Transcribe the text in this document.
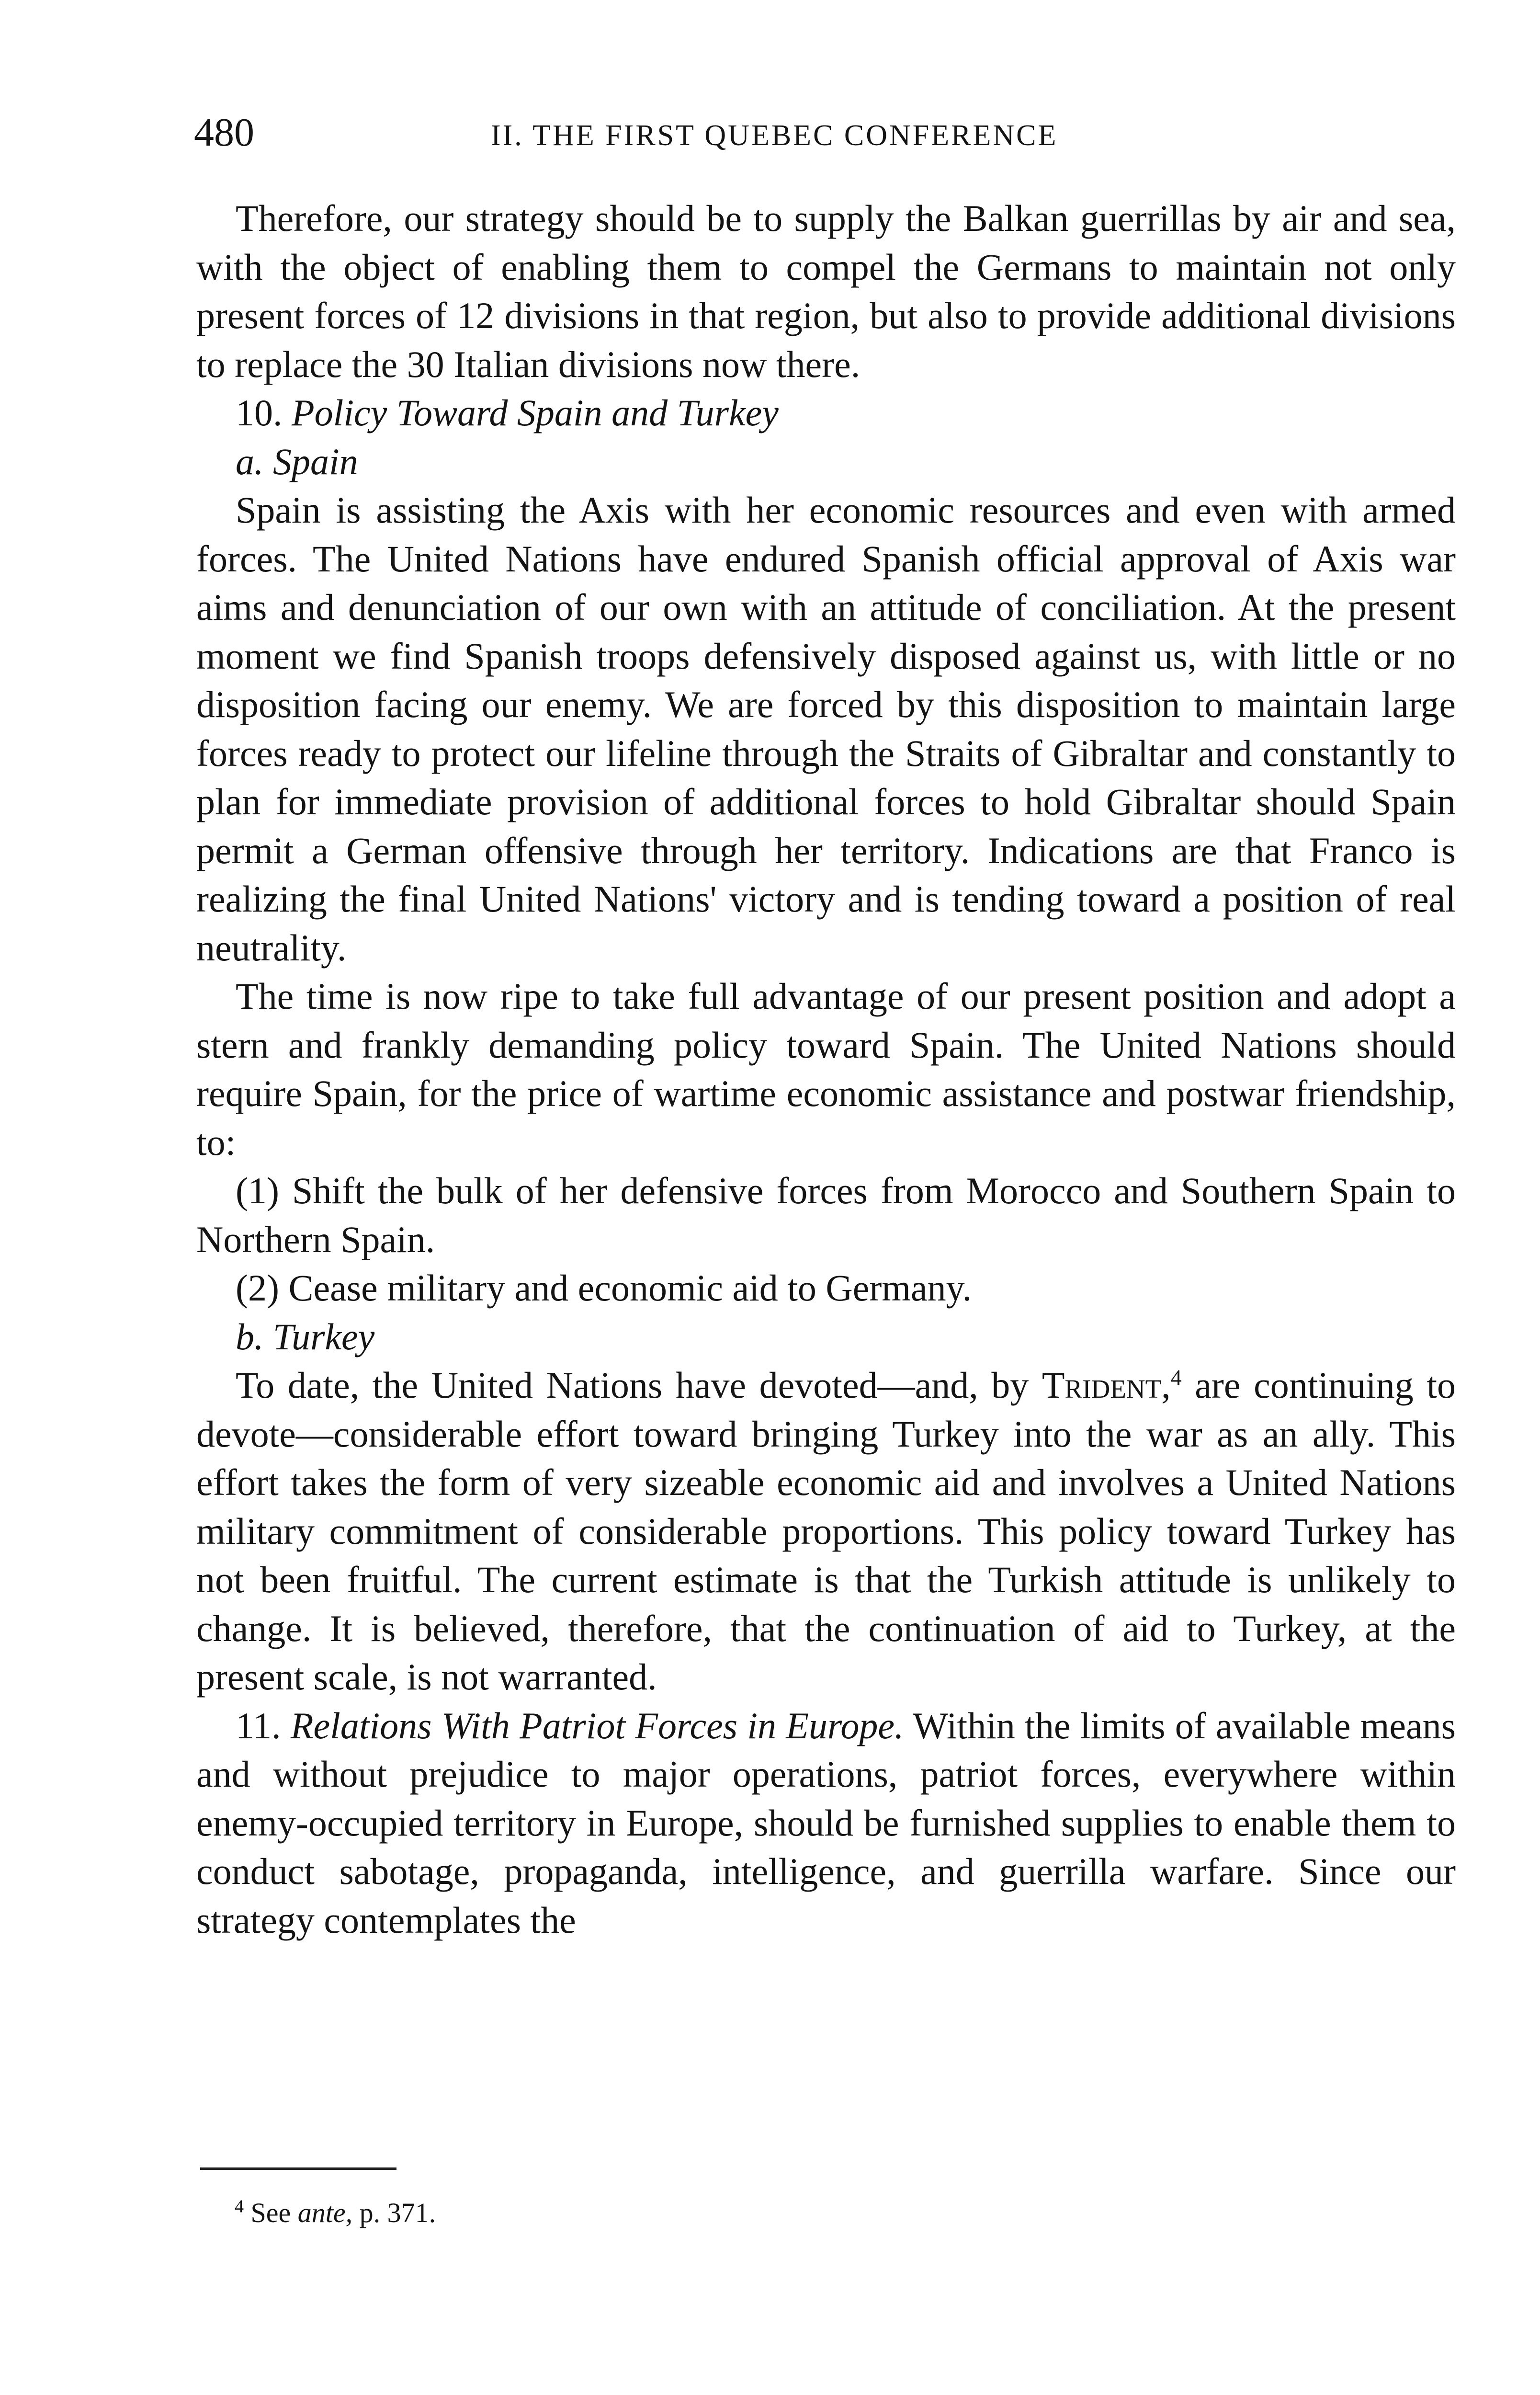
480	II. THE FIRST QUEBEC CONFERENCE

Therefore, our strategy should be to supply the Balkan guerrillas by air and sea, with the object of enabling them to compel the Germans to maintain not only present forces of 12 divisions in that region, but also to provide additional divisions to replace the 30 Italian divisions now there.

10. Policy Toward Spain and Turkey

a. Spain

Spain is assisting the Axis with her economic resources and even with armed forces. The United Nations have endured Spanish official approval of Axis war aims and denunciation of our own with an attitude of conciliation. At the present moment we find Spanish troops defensively disposed against us, with little or no disposition facing our enemy. We are forced by this disposition to maintain large forces ready to protect our lifeline through the Straits of Gibraltar and constantly to plan for immediate provision of additional forces to hold Gibraltar should Spain permit a German offensive through her territory. Indications are that Franco is realizing the final United Nations' victory and is tending toward a position of real neutrality.

The time is now ripe to take full advantage of our present position and adopt a stern and frankly demanding policy toward Spain. The United Nations should require Spain, for the price of wartime economic assistance and postwar friendship, to:

(1) Shift the bulk of her defensive forces from Morocco and Southern Spain to Northern Spain.

(2) Cease military and economic aid to Germany.

b. Turkey

To date, the United Nations have devoted—and, by Trident,$^4$ are continuing to devote—considerable effort toward bringing Turkey into the war as an ally. This effort takes the form of very sizeable economic aid and involves a United Nations military commitment of considerable proportions. This policy toward Turkey has not been fruitful. The current estimate is that the Turkish attitude is unlikely to change. It is believed, therefore, that the continuation of aid to Turkey, at the present scale, is not warranted.

11. Relations With Patriot Forces in Europe. Within the limits of available means and without prejudice to major operations, patriot forces, everywhere within enemy-occupied territory in Europe, should be furnished supplies to enable them to conduct sabotage, propaganda, intelligence, and guerrilla warfare. Since our strategy contemplates the

$^4$ See ante, p. 371.
